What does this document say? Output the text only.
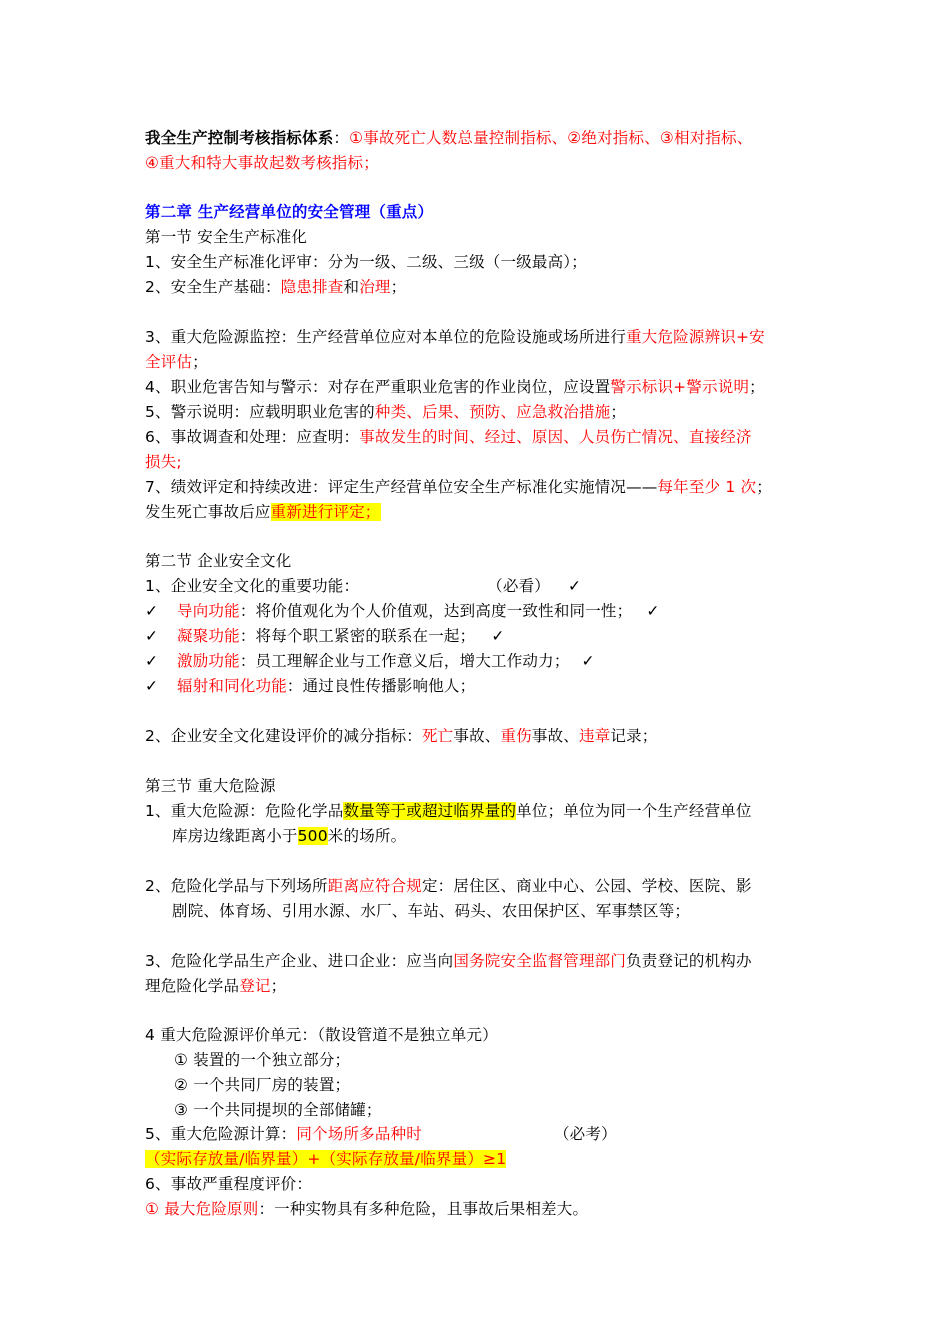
我全生产控制考核指标体系：①事故死亡人数总量控制指标、②绝对指标、③相对指标、
④重大和特大事故起数考核指标；
第二章 生产经营单位的安全管理（重点）
第一节 安全生产标准化
1、安全生产标准化评审：分为一级、二级、三级（一级最高）；
2、安全生产基础：隐患排查和治理；
3、重大危险源监控：生产经营单位应对本单位的危险设施或场所进行重大危险源辨识+安
全评估；
4、职业危害告知与警示：对存在严重职业危害的作业岗位，应设置警示标识+警示说明；
5、警示说明：应载明职业危害的种类、后果、预防、应急救治措施；
6、事故调查和处理：应查明：事故发生的时间、经过、原因、人员伤亡情况、直接经济
损失;
7、绩效评定和持续改进：评定生产经营单位安全生产标准化实施情况——每年至少 1 次；
发生死亡事故后应重新进行评定；
第二节 企业安全文化
1、企业安全文化的重要功能：	（必看） ✓
✓ 导向功能：将价值观化为个人价值观，达到高度一致性和同一性； ✓
✓ 凝聚功能：将每个职工紧密的联系在一起； ✓
✓ 激励功能：员工理解企业与工作意义后，增大工作动力； ✓
✓ 辐射和同化功能：通过良性传播影响他人；
2、企业安全文化建设评价的减分指标：死亡事故、重伤事故、违章记录；
第三节 重大危险源
1、重大危险源：危险化学品数量等于或超过临界量的单位；单位为同一个生产经营单位
库房边缘距离小于500米的场所。
2、危险化学品与下列场所距离应符合规定：居住区、商业中心、公园、学校、医院、影
剧院、体育场、引用水源、水厂、车站、码头、农田保护区、军事禁区等；
3、危险化学品生产企业、进口企业：应当向国务院安全监督管理部门负责登记的机构办
理危险化学品登记；
4 重大危险源评价单元：（散设管道不是独立单元）
① 装置的一个独立部分；
② 一个共同厂房的装置；
③ 一个共同提坝的全部储罐；
5、重大危险源计算：同个场所多品种时	（必考）
（实际存放量/临界量）+（实际存放量/临界量）≥1
6、事故严重程度评价：
① 最大危险原则：一种实物具有多种危险，且事故后果相差大。
